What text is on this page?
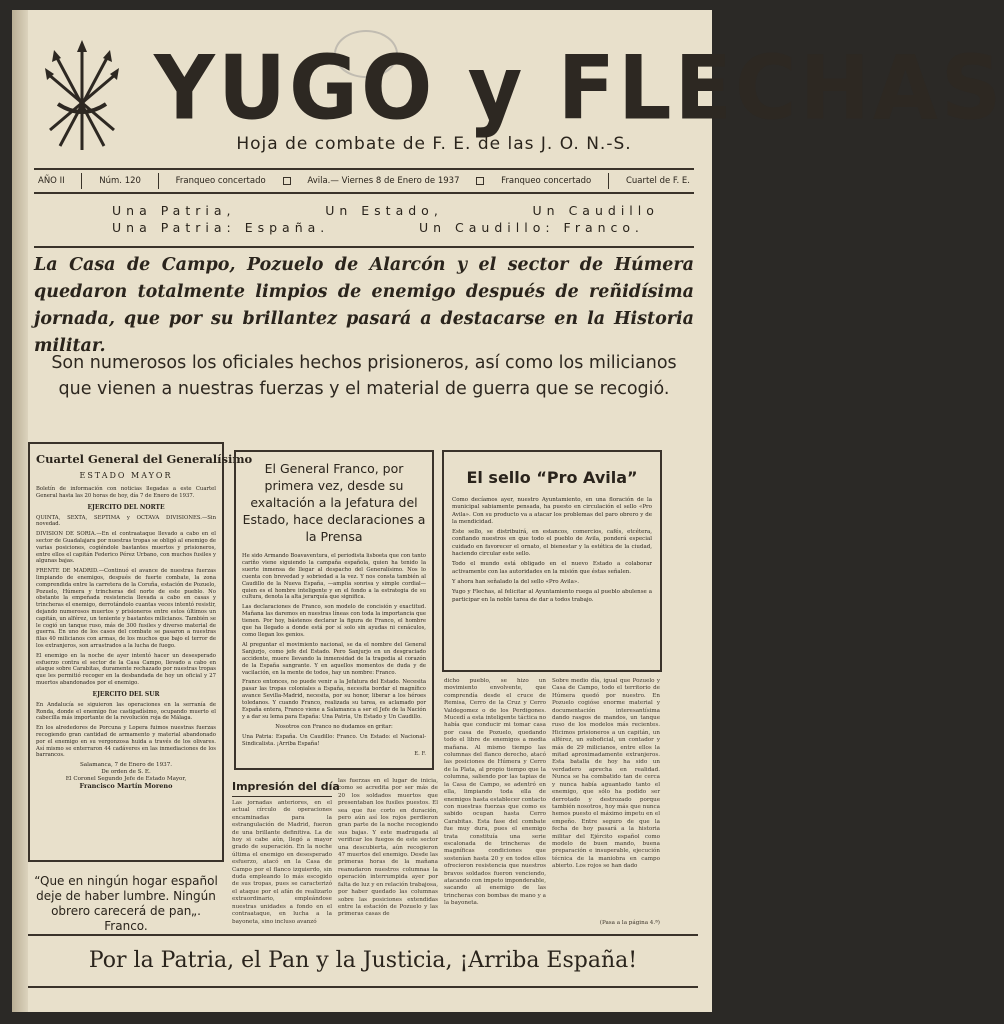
YUGO y FLECHAS
Hoja de combate de F. E. de las J. O. N.-S.
AÑO II	Núm. 120	Franqueo concertado	Avila.— Viernes 8 de Enero de 1937	Franqueo concertado	Cuartel de F. E.
Una Patria,          Un Estado,          Un Caudillo
Una Patria: España.          Un Caudillo: Franco.
La Casa de Campo, Pozuelo de Alarcón y el sector de Húmera quedaron totalmente limpios de enemigo después de reñidísima jornada, que por su brillantez pasará a destacarse en la Historia militar.
Son numerosos los oficiales hechos prisioneros, así como los milicianos que vienen a nuestras fuerzas y el material de guerra que se recogió.
Cuartel General del Generalísimo
ESTADO MAYOR

Boletín de información con noticias llegadas a este Cuartel General hasta las 20 horas de hoy, día 7 de Enero de 1937.

EJERCITO DEL NORTE

QUINTA, SEXTA, SEPTIMA y OCTAVA DIVISIONES.—Sin novedad.

DIVISION DE SORIA.—En el contraataque llevado a cabo en el sector de Guadalajara por nuestras tropas se obligó al enemigo de varias posiciones, cogiéndole bastantes muertos y prisioneros, entre ellos el capitán Federico Pérez Urbano, con muchos fusiles y algunas bajas.

FRENTE DE MADRID.—Continuó el avance de nuestras fuerzas limpiando de enemigos, después de fuerte combate, la zona comprendida entre la carretera de la Coruña, estación de Pozuelo, Pozuelo, Húmera y trincheras del norte de este pueblo. No obstante la empeñada resistencia llevada a cabo en casas y trincheras el enemigo, derrotándolo cuantas veces intentó resistir, dejando numerosos muertos y prisioneros entre estos últimos un capitán, un alférez, un teniente y bastantes milicianos. También se le cogió un tanque ruso, más de 300 fusiles y diverso material de guerra. En uno de los casos del combate se pasaron a nuestras filas 40 milicianos con armas, de los muchos que bajo el terror de los extranjeros, son arrastrados a la lucha de fuego.

El enemigo en la noche de ayer intentó hacer un desesperado esfuerzo contra el sector de la Casa Campo, llevado a cabo en ataque sobre Carabitas, duramente rechazado por nuestras tropas que les permitió recoger en la desbandada de hoy un oficial y 27 muertos abandonados por el enemigo.

EJERCITO DEL SUR

En Andalucía se siguieron las operaciones en la serranía de Ronda, donde el enemigo fue castigadísimo, ocupando muerto el cabecilla más importante de la revolución roja de Málaga.

En los alrededores de Porcuna y Lopera fuimos nuestras fuerzas recogiendo gran cantidad de armamento y material abandonado por el enemigo en su vergonzosa huida a través de los olivares. Así mismo se enterraron 44 cadáveres en las inmediaciones de los barrancos.

Salamanca, 7 de Enero de 1937.
De orden de S. E.
El Coronel Segundo Jefe de Estado Mayor,
Francisco Martín Moreno
“Que en ningún hogar español deje de haber lumbre. Ningún obrero carecerá de pan„. Franco.
El General Franco, por primera vez, desde su exaltación a la Jefatura del Estado, hace declaraciones a la Prensa

He sido Armando Boavaventura, el periodista lisboeta que con tanto cariño viene siguiendo la campaña española, quien ha tenido la suerte inmensa de llegar al despacho del Generalísimo. Nos lo cuenta con brevedad y sobriedad a la vez. Y nos consta también al Caudillo de la Nueva España, —amplia sonrisa y simple cordial— quien es el hombre inteligente y en el fondo a la estrategia de su cultura, denota la alta jerarquía que significa.

Las declaraciones de Franco, son modelo de concisión y exactitud. Mañana las daremos en nuestras líneas con toda la importancia que tienen. Por hoy, bástenos declarar la figura de Franco, el hombre que ha llegado a donde está por sí solo sin ayudas ni cenáculos, como llegan los genios.

Al preguntar el movimiento nacional, se da el nombre del General Sanjurjo, como jefe del Estado. Pero Sanjurjo en un desgraciado accidente, muere llevando la inmensidad de la tragedia al corazón de la España sangrante. Y en aquellos momentos de duda y de vacilación, en la mente de todos, hay un nombre: Franco.

Franco entonces, no puede venir a la Jefatura del Estado. Necesita pasar las tropas coloniales a España, necesita bordar el magnífico avance Sevilla-Madrid, necesita, por su honor, liberar a los héroes toledanos. Y cuando Franco, realizada su tarea, es aclamado por España entera, Franco viene a Salamanca a ser el Jefe de la Nación y a dar su lema para España: Una Patria, Un Estado y Un Caudillo.

Nosotros con Franco no dudamos en gritar:

Una Patria: España. Un Caudillo: Franco. Un Estado: el Nacional-Sindicalista. ¡Arriba España!

E. F.

El sello “Pro Avila”

Como decíamos ayer, nuestro Ayuntamiento, en una floración de la municipal sabiamente pensada, ha puesto en circulación el sello «Pro Avila». Con su producto va a atacar los problemas del paro obrero y de la mendicidad.

Este sello, se distribuirá, en estancos, comercios, cafés, etcétera, confiando nuestros en que todo el pueblo de Avila, ponderá especial cuidado en favorecer el ornato, el bienestar y la estética de la ciudad, haciendo circular este sello.

Todo el mundo está obligado en el nuevo Estado a colaborar activamente con las autoridades en la misión que éstas señalen.

Y ahora han señalado la del sello «Pro Avila».

Yugo y Flechas, al felicitar al Ayuntamiento ruega al pueblo abulense a participar en la noble tarea de dar a todos trabajo.

Impresión del día
Las jornadas anteriores, en el actual círculo de operaciones encaminadas para la estrangulación de Madrid, fueron de una brillante definitiva. La de hoy si cabe aún, llegó a mayor grado de superación. En la noche última el enemigo en desesperado esfuerzo, atacó en la Casa de Campo por el flanco izquierdo, sin duda empleando lo más escogido de sus tropas, pues se caracterizó el ataque por el afán de realizarlo extraordinario, empleándose nuestras unidades a fondo en el contraataque, en lucha a la bayoneta, sino incluso avanzó
las fuerzas en el lugar de inicia, como se acredita por ser más de 20 los soldados muertos que presentaban los fusiles puestos. El sea que fue corto en duración, pero aún así los rojos perdieron gran parte de la noche recogiendo sus bajas. Y este madrugada al verificar los fuegos de este sector una descubierta, aún recogieron 47 muertos del enemigo. Desde las primeras horas de la mañana reanudaron nuestros columnas la operación interrumpida ayer por falta de luz y en relación trabajosa, por haber quedado las columnas sobre las posiciones extendidas entre la estación de Pozuelo y las primeras casas de
dicho pueblo, se hizo un movimiento envolvente, que comprendía desde el cruce de Remisa, Cerro de la Cruz y Cerro Valdegomez o de los Perdigones. Mucedí a esta inteligente táctica no había que conducir mi tomar casa por casa de Pozuelo, quedando todo el libre de enemigos a media mañana. Al mismo tiempo las columnas del flanco derecho, atacó las posiciones de Húmera y Cerro de la Plata, al propio tiempo que la columna, saliendo por las tapias de la Casa de Campo, se adentró en ella, limpiando toda ella de enemigos hasta establecer contacto con nuestras fuerzas que como es sabido ocupan hasta Cerro Carabitas. Esta fase del combate fue muy dura, pues el enemigo trata constituía una serie escalonada de trincheras de magníficas condiciones que sostenían hasta 20 y en todos ellos ofrecieron resistencia que nuestros bravos soldados fueron venciendo, atacando con impeto imponderable, sacando al enemigo de las trincheras con bombas de mano y a la bayoneta.
Sobre medio día, igual que Pozuelo y Casa de Campo, todo el territorio de Húmera quedó por nuestro. En Pozuelo cogióse enorme material y documentación interesantísima dando rasgos de mandos, un tanque ruso de los modelos más recientes. Hicimos prisioneros a un capitán, un alférez, un suboficial, un contador y más de 29 milicianos, entre ellos la mitad aproximadamente extranjeros. Esta batalla de hoy ha sido un verdadero aprecha en realidad. Nunca se ha combatido tan de cerca y nunca había aguantado tanto el enemigo, que sólo ha podido ser derrotado y destrozado porque también nosotros, hoy más que nunca hemos puesto el máximo ímpetu en el empeño. Entre seguro de que la fecha de hoy pasará a la historia militar del Ejército español como modelo de buen mando, buena preparación e insuperable, ejecución técnica de la maniobra en campo abierto. Los rojos se han dado
(Pasa a la página 4.ª)
Por la Patria, el Pan y la Justicia, ¡Arriba España!
